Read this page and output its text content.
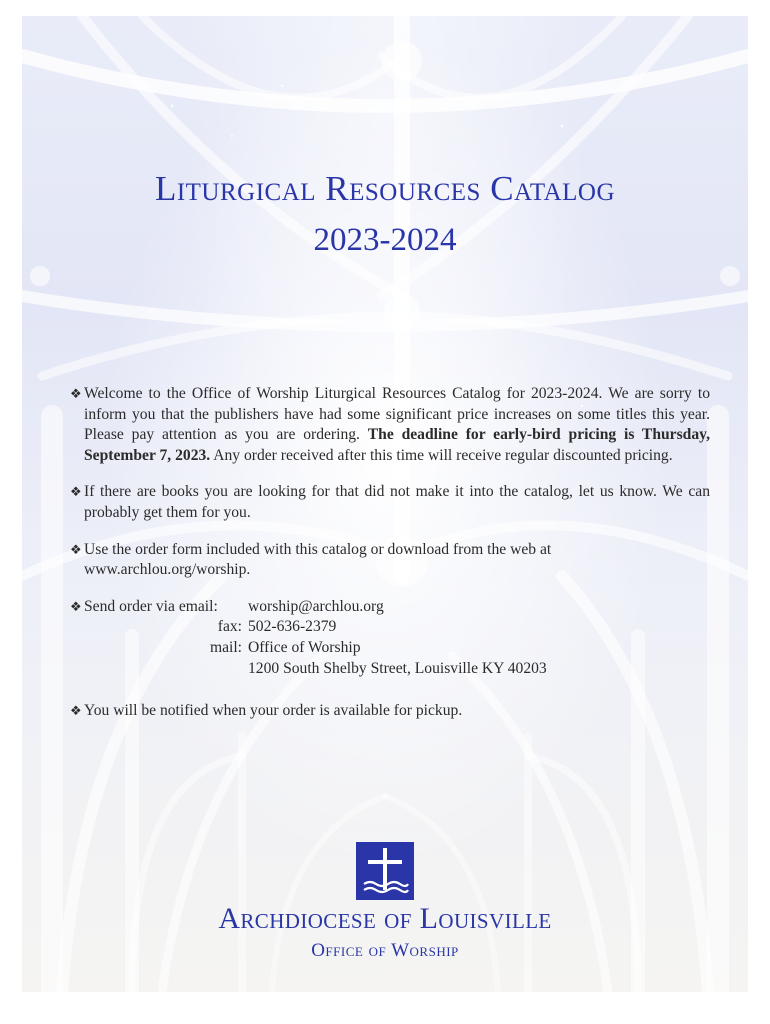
Liturgical Resources Catalog
2023-2024
❖ Welcome to the Office of Worship Liturgical Resources Catalog for 2023-2024. We are sorry to inform you that the publishers have had some significant price increases on some titles this year. Please pay attention as you are ordering. The deadline for early-bird pricing is Thursday, September 7, 2023. Any order received after this time will receive regular discounted pricing.
❖ If there are books you are looking for that did not make it into the catalog, let us know. We can probably get them for you.
❖ Use the order form included with this catalog or download from the web at www.archlou.org/worship.
❖ Send order via email:	worship@archlou.org
fax: 502-636-2379
mail: Office of Worship
1200 South Shelby Street, Louisville KY 40203
❖ You will be notified when your order is available for pickup.
Archdiocese of Louisville
Office of Worship
